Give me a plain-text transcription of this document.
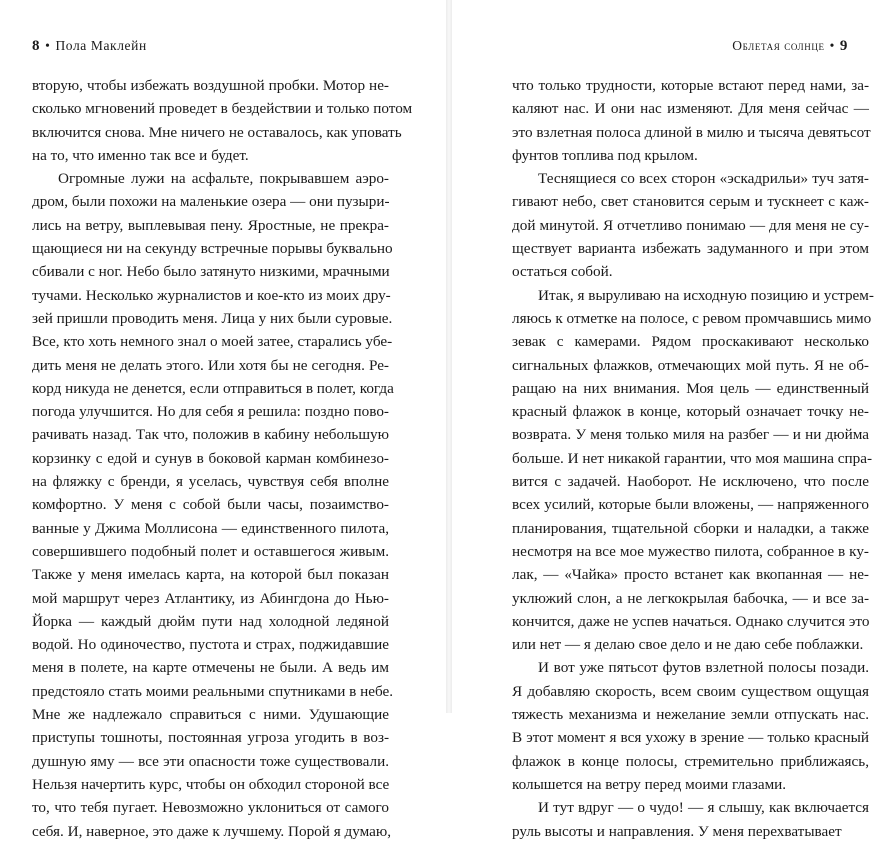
8 • Пола Маклейн
вторую, чтобы избежать воздушной пробки. Мотор не-
сколько мгновений проведет в бездействии и только потом
включится снова. Мне ничего не оставалось, как уповать
на то, что именно так все и будет.
Огромные лужи на асфальте, покрывавшем аэро-
дром, были похожи на маленькие озера — они пузыри-
лись на ветру, выплевывая пену. Яростные, не прекра-
щающиеся ни на секунду встречные порывы буквально
сбивали с ног. Небо было затянуто низкими, мрачными
тучами. Несколько журналистов и кое-кто из моих дру-
зей пришли проводить меня. Лица у них были суровые.
Все, кто хоть немного знал о моей затее, старались убе-
дить меня не делать этого. Или хотя бы не сегодня. Ре-
корд никуда не денется, если отправиться в полет, когда
погода улучшится. Но для себя я решила: поздно пово-
рачивать назад. Так что, положив в кабину небольшую
корзинку с едой и сунув в боковой карман комбинезо-
на фляжку с бренди, я уселась, чувствуя себя вполне
комфортно. У меня с собой были часы, позаимство-
ванные у Джима Моллисона — единственного пилота,
совершившего подобный полет и оставшегося живым.
Также у меня имелась карта, на которой был показан
мой маршрут через Атлантику, из Абингдона до Нью-
Йорка — каждый дюйм пути над холодной ледяной
водой. Но одиночество, пустота и страх, поджидавшие
меня в полете, на карте отмечены не были. А ведь им
предстояло стать моими реальными спутниками в небе.
Мне же надлежало справиться с ними. Удушающие
приступы тошноты, постоянная угроза угодить в воз-
душную яму — все эти опасности тоже существовали.
Нельзя начертить курс, чтобы он обходил стороной все
то, что тебя пугает. Невозможно уклониться от самого
себя. И, наверное, это даже к лучшему. Порой я думаю,
Облетая солнце • 9
что только трудности, которые встают перед нами, за-
каляют нас. И они нас изменяют. Для меня сейчас —
это взлетная полоса длиной в милю и тысяча девятьсот
фунтов топлива под крылом.
Теснящиеся со всех сторон «эскадрильи» туч затя-
гивают небо, свет становится серым и тускнеет с каж-
дой минутой. Я отчетливо понимаю — для меня не су-
ществует варианта избежать задуманного и при этом
остаться собой.
Итак, я выруливаю на исходную позицию и устрем-
ляюсь к отметке на полосе, с ревом промчавшись мимо
зевак с камерами. Рядом проскакивают несколько
сигнальных флажков, отмечающих мой путь. Я не об-
ращаю на них внимания. Моя цель — единственный
красный флажок в конце, который означает точку не-
возврата. У меня только миля на разбег — и ни дюйма
больше. И нет никакой гарантии, что моя машина спра-
вится с задачей. Наоборот. Не исключено, что после
всех усилий, которые были вложены, — напряженного
планирования, тщательной сборки и наладки, а также
несмотря на все мое мужество пилота, собранное в ку-
лак, — «Чайка» просто встанет как вкопанная — не-
уклюжий слон, а не легкокрылая бабочка, — и все за-
кончится, даже не успев начаться. Однако случится это
или нет — я делаю свое дело и не даю себе поблажки.
И вот уже пятьсот футов взлетной полосы позади.
Я добавляю скорость, всем своим существом ощущая
тяжесть механизма и нежелание земли отпускать нас.
В этот момент я вся ухожу в зрение — только красный
флажок в конце полосы, стремительно приближаясь,
колышется на ветру перед моими глазами.
И тут вдруг — о чудо! — я слышу, как включается
руль высоты и направления. У меня перехватывает
